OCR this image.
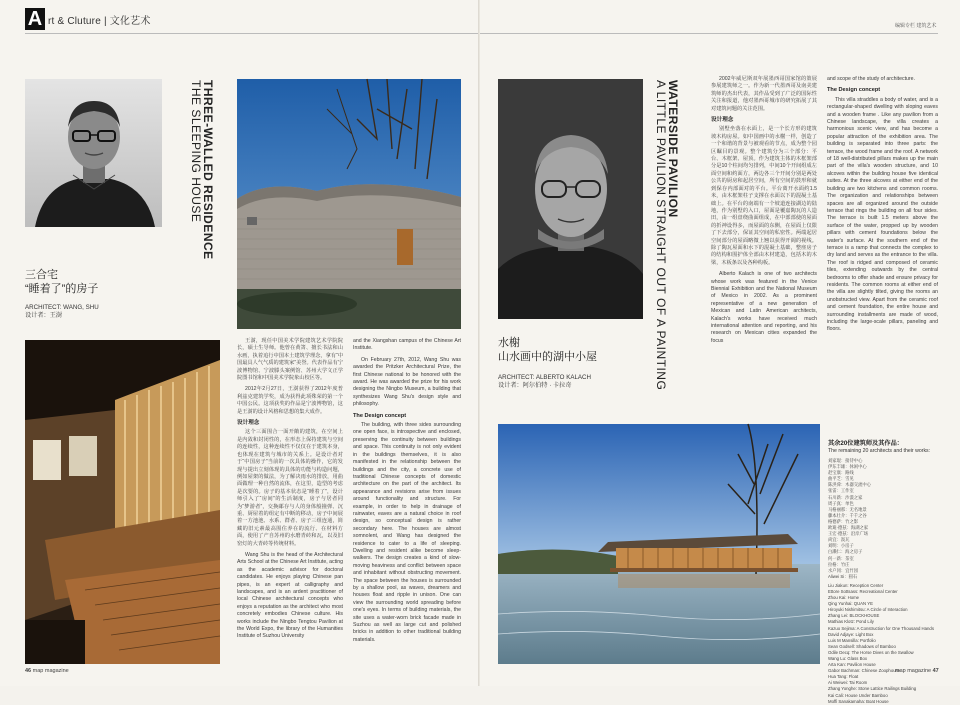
A rt & Cluture | 文化艺术	编辑专栏 建筑艺术
THREE-WALLED RESIDENCE
THE SLEEPING HOUSE
三合宅
“睡着了”的房子
ARCHITECT: WANG, SHU
设计者：王澍

王澍，现任中国美术学院建筑艺术学院院长，硕士生导师。他曾在黄箐、擅长书法和山水画，执着追行中国本土建筑学理念，拿有“中国最具人气气质的建筑家”美誉。代表作品有宁波博物馆、宁波滕头案例馆、苏州大学文正学院图书馆和中国美术学院象山校区等。

2012年2月27日，王澍获得了2012年度普利兹克建筑学奖，成为获得此项殊荣的第一个中国公民。这项获奖的作品是宁波博物馆，这是王澍的设计风格和思想的集大成作。

设计理念

这个三面围合一面开敞的建筑，在空间上是内敛和封闭性的，在形态上保持建筑与空间的连续性，这种连续性不仅仅在于建筑本身，也体现在建筑与城市的关系上。是设计者对于“中国房子”当前的一次具体的操作，它的发现与提出立刻体现的具体的功能与构造问题，例如屋架的做法，为了解决雨水的排放，用曲面做理一种自然的流体，在这里，造型的考虑是次要的。房子的基本状态是“睡着了”，设计师引入了“房间”的生活制度，房子与居者同为“梦游者”，交换邮存与人的身体般撞弹、沉重、厨屋着的组定有中断的移动，房子中间展着一方池池、水系、群者、房子三组连通，简藏的旧元素最高围住养在的流行、在材料方面，使用了产自苏州的水磨青砖和瓦，以及旧窑灯的大青砖等传统材料。

Wang Shu is the head of the Architectural Arts School at the Chinese Art Institute, acting as the academic advisor for doctoral candidates. He enjoys playing Chinese pan pipes, is an expert at calligraphy and landscapes, and is an ardent practitioner of local Chinese architectural concepts who enjoys a reputation as the architect who most concretely embodies Chinese culture. His works include the Ningbo Tengtou Pavilion at the World Expo, the library of the Humanities Institute of Suzhou University

and the Xiangshan campus of the Chinese Art Institute.

On February 27th, 2012, Wang Shu was awarded the Pritzker Architectural Prize, the first Chinese national to be honored with the award. He was awarded the prize for his work designing the Ningbo Museum, a building that synthesizes Wang Shu's design style and philosophy.

The Design concept

The building, with three sides surrounding one open face, is introspective and enclosed, preserving the continuity between buildings and space. This continuity is not only evident in the buildings themselves, it is also manifested in the relationship between the buildings and the city, a concrete use of traditional Chinese concepts of domestic architecture on the part of the architect. Its appearance and revisions arise from issues around functionality and structure. For example, in order to help in drainage of rainwater, eaves are a natural choice in roof design, so conceptual design is rather secondary here. The houses are almost somnolent, and Wang has designed the residence to cater to a life of sleeping. Dwelling and resident alike become sleep-walkers. The design creates a kind of slow-moving heaviness and conflict between space and inhabitant without obstructing movement. The space between the houses is surrounded by a shallow pool, as waves, dreamers and houses float and ripple in unison. One can view the surrounding world spreading before one's eyes. In terms of building materials, the site uses a water-worn brick facade made in Suzhou as well as large cut and polished bricks in addition to other traditional building materials.

WATERSIDE PAVILION
A LITTLE PAVILION STRAIGHT OUT OF A PAINTING
水榭
山水画中的湖中小屋
ARCHITECT: ALBERTO KALACH
设计者：阿尔伯特 · 卡拉奇

2002年威尼斯双年展墨西哥国家馆的策展参展建筑师之一。作为新一代墨西哥及南美建筑师的杰出代表，其作品受到了广泛的国际性关注和报道，他对墨西哥城市的研究拓展了其对建筑问题的关注范围。

设计理念

别墅坐落在水面上，是一个长方形的建筑坡木构房屋。如中国画中的水榭一样，创造了一个和谐的背景与被观看的节点，成为整个园区瞩目的景观。整个建筑分为三个部分：平台、木框架、屋顶。作为建筑主体的木框架部分是10个柱间均匀排列，中间10个开间组成左面空间和约面方，两边各三个开间分别是两处公共的厨房和起居空间，所有空间的鼓形和就到保存内部面对的平台。平台离开水面约1.5米，由木框架柱子支撑在水面以下的混凝土基础上。在平台的南端有一个坡道连接湖边的陆地，作为别墅的入口，屋面是覆嘉陶瓦的人造田，由一组盘绕曲面组成，在中部部使的屋面的折神设得多，而屋面的东侧，在屋面上仅限了下去部分，保证其空间的私密性。两端起居空间部分的屋面略微上翘以获得开阔的视线。除了陶瓦屋面和水下的混凝土基础，整座房子的结构和围护体全部由木材建造，包括木的木梁，木板条以及各种构板。

Alberto Kalach is one of two architects whose work was featured in the Venice Biennial Exhibition and the National Museum of Mexico in 2002. As a prominent representative of a new generation of Mexican and Latin American architects, Kalach's works have received much international attention and reporting, and his research on Mexican cities expanded the focus

and scope of the study of architecture.

The Design concept

This villa straddles a body of water, and is a rectangular-shaped dwelling with sloping eaves and a wooden frame . Like any pavilion from a Chinese landscape, the villa creates a harmonious scenic view, and has become a popular attraction of the exhibition area. The building is separated into three parts: the terrace, the wood frame and the roof. A network of 18 well-distributed pillars makes up the main part of the villa's wooden structure, and 10 alcoves within the building house five identical suites. At the three alcoves at either end of the building are two kitchens and common rooms. The organization and relationships between spaces are all organized around the outside terrace that rings the building on all four sides. The terrace is built 1.5 meters above the surface of the water, propped up by wooden pillars with cement foundations below the water's surface. At the southern end of the terrace is a ramp that connects the complex to dry land and serves as the entrance to the villa. The roof is ridged and composed of ceramic tiles, extending outwards by the central bedrooms to offer shade and ensure privacy for residents. The common rooms at either end of the villa are slightly tilted, giving the rooms an unobstructed view. Apart from the ceramic roof and cement foundation, the entire house and surrounding installments are made of wood, including the large-scale pillars, paneling and floors.

其余20位建筑师及其作品：
The remaining 20 architects and their works:
刘家琨：接待中心
伊东丰雄：休闲中心
赵宝康：路线
曲平芝：雪见
陈洪舜：木器交流中心
张雷：工作室
石川新：沙漠之家
周子真：单色
马格丽那：无名地景
藤本壮介：千千之谷
格德萨：竹之影
欧迪·德兹：海湖之家
王宏·德兹：沿岸广场
尚宜：汲瓦
刘明：小房子
白濑仁：海之房子
何一新：茶室
拉格：竹庄
水户冈：宜竹园
Aliwei Si：圆石
Liu Jiakun: Reception Center
Ettore Sottsass: Recreational Center
Zhou Kai: Home
Qing Yunhai: QUAN YE
Hiroyuki Nishimitsu: A Circle of Interaction
Zhang Lei: BLOCKHOUSE
Mathias Klotz: Pond Lily
Kazuo Sejima: A Construction for One Thousand Hands
David Adjaye: Light Box
Luis M Mansilla: Portfolio
Sean Godsell: Shadows of Bamboo
Odile Decq: The Horse Dives on the Swallow
Wang Lu: Glass Box
Arta Kan: Pavilion House
Gabor Bachman: Chinese Zoophouse
Hua Tang: Float
Ai Weiwei: Tai Room
Zhang Yonghe: Stone Lattice Railings Building
Kai Cali: House Under Bamboo
Moffi Sanakamaha: Boat House
46 map magazine	map magazine 47
